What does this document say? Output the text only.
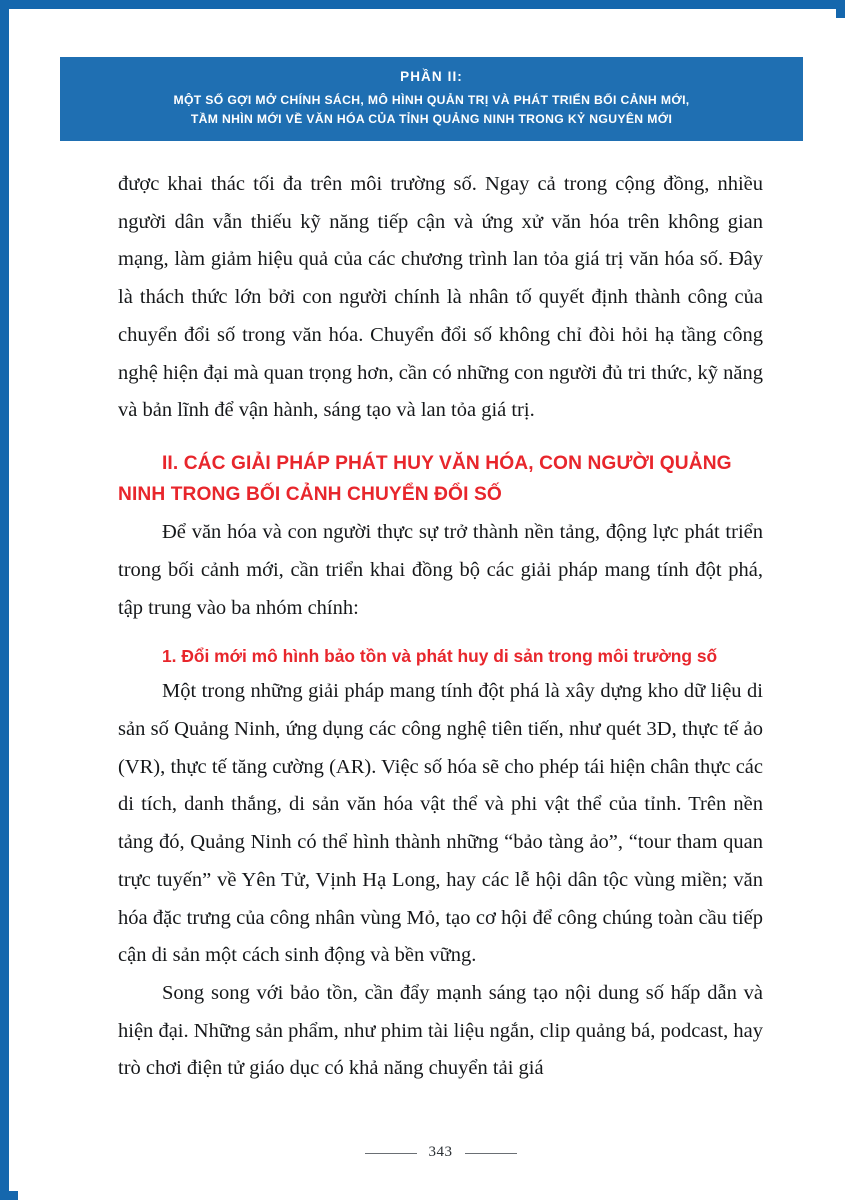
PHẦN II:
MỘT SỐ GỢI MỞ CHÍNH SÁCH, MÔ HÌNH QUẢN TRỊ VÀ PHÁT TRIỂN BỐI CẢNH MỚI,
TẦM NHÌN MỚI VỀ VĂN HÓA CỦA TỈNH QUẢNG NINH TRONG KỶ NGUYÊN MỚI

được khai thác tối đa trên môi trường số. Ngay cả trong cộng đồng, nhiều người dân vẫn thiếu kỹ năng tiếp cận và ứng xử văn hóa trên không gian mạng, làm giảm hiệu quả của các chương trình lan tỏa giá trị văn hóa số. Đây là thách thức lớn bởi con người chính là nhân tố quyết định thành công của chuyển đổi số trong văn hóa. Chuyển đổi số không chỉ đòi hỏi hạ tầng công nghệ hiện đại mà quan trọng hơn, cần có những con người đủ tri thức, kỹ năng và bản lĩnh để vận hành, sáng tạo và lan tỏa giá trị.

II. CÁC GIẢI PHÁP PHÁT HUY VĂN HÓA, CON NGƯỜI QUẢNG NINH TRONG BỐI CẢNH CHUYỂN ĐỔI SỐ

Để văn hóa và con người thực sự trở thành nền tảng, động lực phát triển trong bối cảnh mới, cần triển khai đồng bộ các giải pháp mang tính đột phá, tập trung vào ba nhóm chính:

1. Đổi mới mô hình bảo tồn và phát huy di sản trong môi trường số

Một trong những giải pháp mang tính đột phá là xây dựng kho dữ liệu di sản số Quảng Ninh, ứng dụng các công nghệ tiên tiến, như quét 3D, thực tế ảo (VR), thực tế tăng cường (AR). Việc số hóa sẽ cho phép tái hiện chân thực các di tích, danh thắng, di sản văn hóa vật thể và phi vật thể của tỉnh. Trên nền tảng đó, Quảng Ninh có thể hình thành những “bảo tàng ảo”, “tour tham quan trực tuyến” về Yên Tử, Vịnh Hạ Long, hay các lễ hội dân tộc vùng miền; văn hóa đặc trưng của công nhân vùng Mỏ, tạo cơ hội để công chúng toàn cầu tiếp cận di sản một cách sinh động và bền vững.

Song song với bảo tồn, cần đẩy mạnh sáng tạo nội dung số hấp dẫn và hiện đại. Những sản phẩm, như phim tài liệu ngắn, clip quảng bá, podcast, hay trò chơi điện tử giáo dục có khả năng chuyển tải giá

343
